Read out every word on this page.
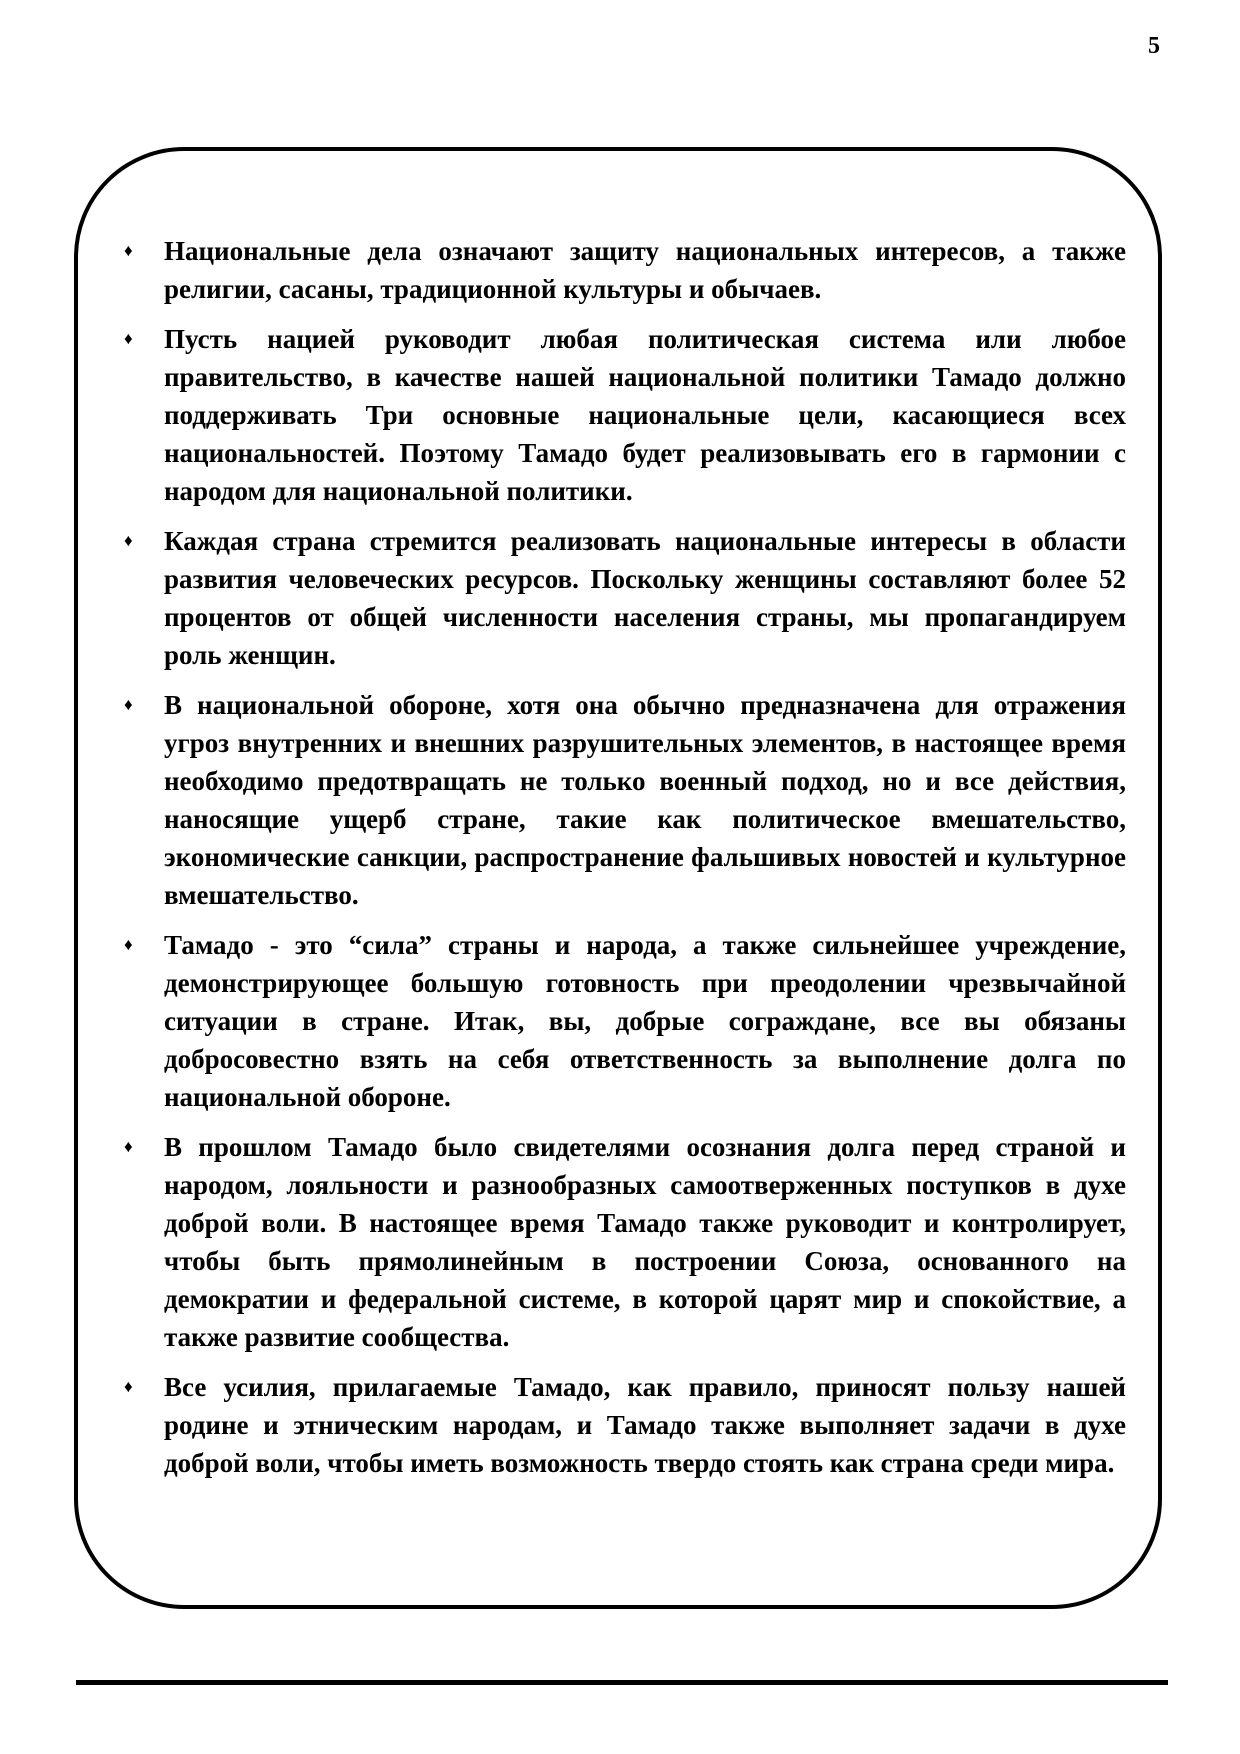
5
♦ Национальные дела означают защиту национальных интересов, а также религии, сасаны, традиционной культуры и обычаев.
♦ Пусть нацией руководит любая политическая система или любое правительство, в качестве нашей национальной политики Тамадо должно поддерживать Три основные национальные цели, касающиеся всех национальностей. Поэтому Тамадо будет реализовывать его в гармонии с народом для национальной политики.
♦ Каждая страна стремится реализовать национальные интересы в области развития человеческих ресурсов. Поскольку женщины составляют более 52 процентов от общей численности населения страны, мы пропагандируем роль женщин.
♦ В национальной обороне, хотя она обычно предназначена для отражения угроз внутренних и внешних разрушительных элементов, в настоящее время необходимо предотвращать не только военный подход, но и все действия, наносящие ущерб стране, такие как политическое вмешательство, экономические санкции, распространение фальшивых новостей и культурное вмешательство.
♦ Тамадо - это “сила” страны и народа, а также сильнейшее учреждение, демонстрирующее большую готовность при преодолении чрезвычайной ситуации в стране. Итак, вы, добрые сограждане, все вы обязаны добросовестно взять на себя ответственность за выполнение долга по национальной обороне.
♦ В прошлом Тамадо было свидетелями осознания долга перед страной и народом, лояльности и разнообразных самоотверженных поступков в духе доброй воли. В настоящее время Тамадо также руководит и контролирует, чтобы быть прямолинейным в построении Союза, основанного на демократии и федеральной системе, в которой царят мир и спокойствие, а также развитие сообщества.
♦ Все усилия, прилагаемые Тамадо, как правило, приносят пользу нашей родине и этническим народам, и Тамадо также выполняет задачи в духе доброй воли, чтобы иметь возможность твердо стоять как страна среди мира.
